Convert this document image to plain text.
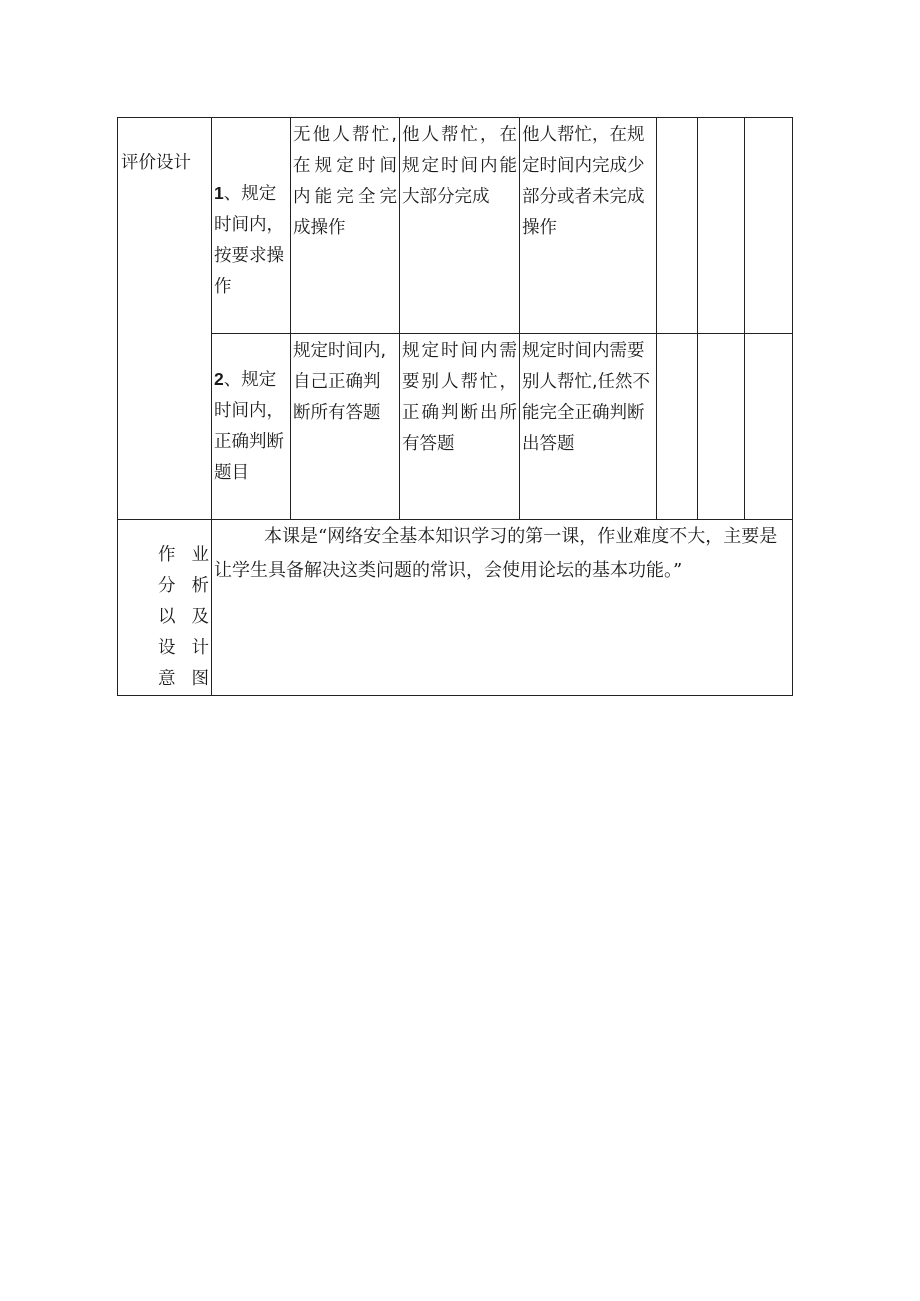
评价设计	1、规定时间内，按要求操作	无他人帮忙,在规定时间内能完全完成操作	他人帮忙，在规定时间内能大部分完成	他人帮忙，在规定时间内完成少部分或者未完成操作			

	2、规定时间内，正确判断题目	规定时间内,自己正确判断所有答题	规定时间内需要别人帮忙，正确判断出所有答题	规定时间内需要别人帮忙,任然不能完全正确判断出答题			

作业
分析
以及
设计
意图	本课是“网络安全基本知识学习的第一课，作业难度不大，主要是让学生具备解决这类问题的常识，会使用论坛的基本功能。”						
